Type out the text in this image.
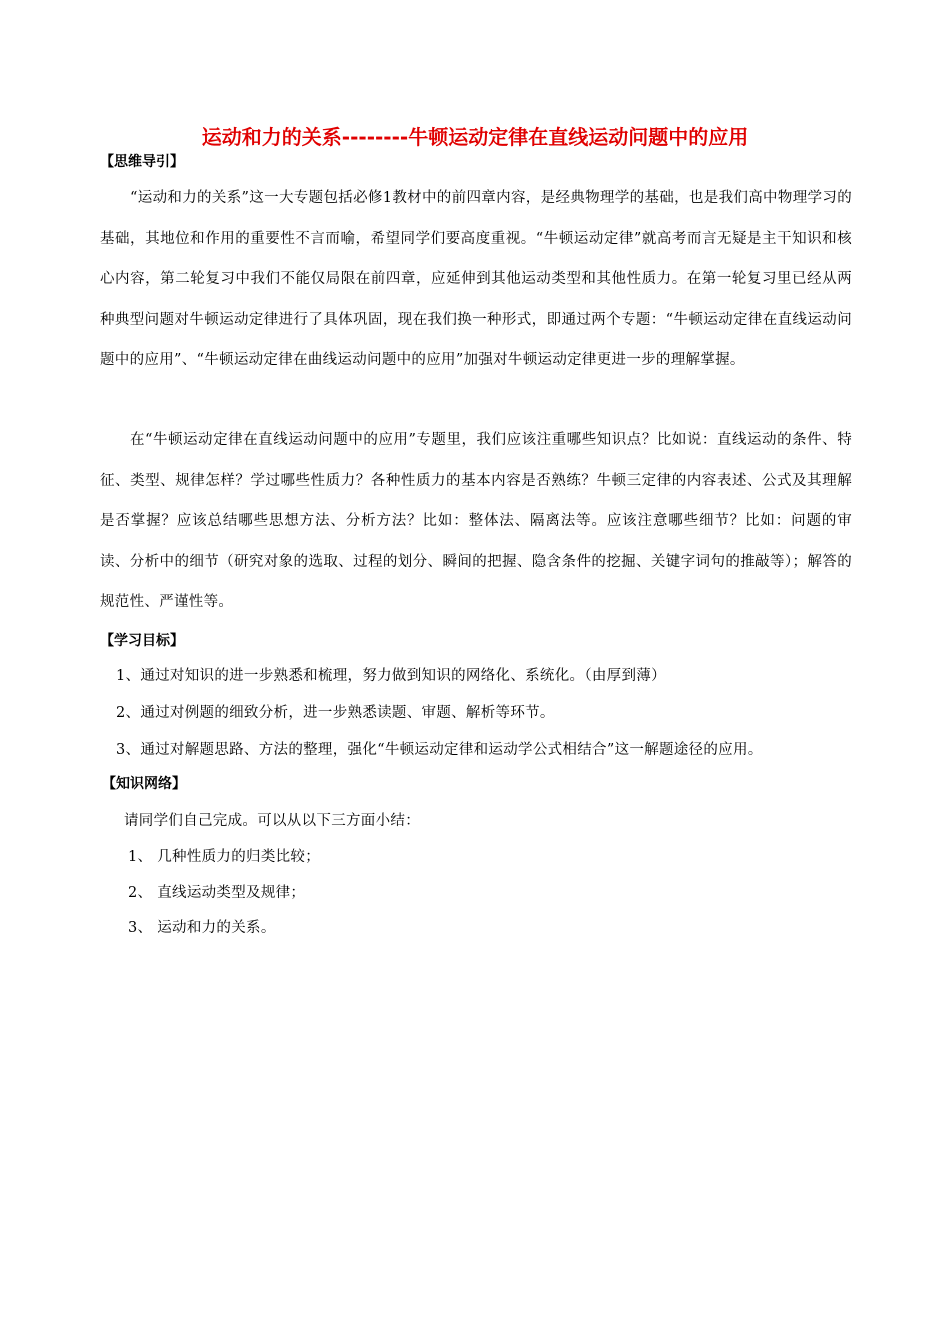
运动和力的关系--------牛顿运动定律在直线运动问题中的应用
【思维导引】
“运动和力的关系”这一大专题包括必修1教材中的前四章内容，是经典物理学的基础，也是我们高中物理学习的基础，其地位和作用的重要性不言而喻，希望同学们要高度重视。“牛顿运动定律”就高考而言无疑是主干知识和核心内容，第二轮复习中我们不能仅局限在前四章，应延伸到其他运动类型和其他性质力。在第一轮复习里已经从两种典型问题对牛顿运动定律进行了具体巩固，现在我们换一种形式，即通过两个专题：“牛顿运动定律在直线运动问题中的应用”、“牛顿运动定律在曲线运动问题中的应用”加强对牛顿运动定律更进一步的理解掌握。
在“牛顿运动定律在直线运动问题中的应用”专题里，我们应该注重哪些知识点？比如说：直线运动的条件、特征、类型、规律怎样？学过哪些性质力？各种性质力的基本内容是否熟练？牛顿三定律的内容表述、公式及其理解是否掌握？应该总结哪些思想方法、分析方法？比如：整体法、隔离法等。应该注意哪些细节？比如：问题的审读、分析中的细节（研究对象的选取、过程的划分、瞬间的把握、隐含条件的挖掘、关键字词句的推敲等）；解答的规范性、严谨性等。
【学习目标】
1、通过对知识的进一步熟悉和梳理，努力做到知识的网络化、系统化。（由厚到薄）
2、通过对例题的细致分析，进一步熟悉读题、审题、解析等环节。
3、通过对解题思路、方法的整理，强化“牛顿运动定律和运动学公式相结合”这一解题途径的应用。
【知识网络】
请同学们自己完成。可以从以下三方面小结：
1、 几种性质力的归类比较；
2、 直线运动类型及规律；
3、 运动和力的关系。
